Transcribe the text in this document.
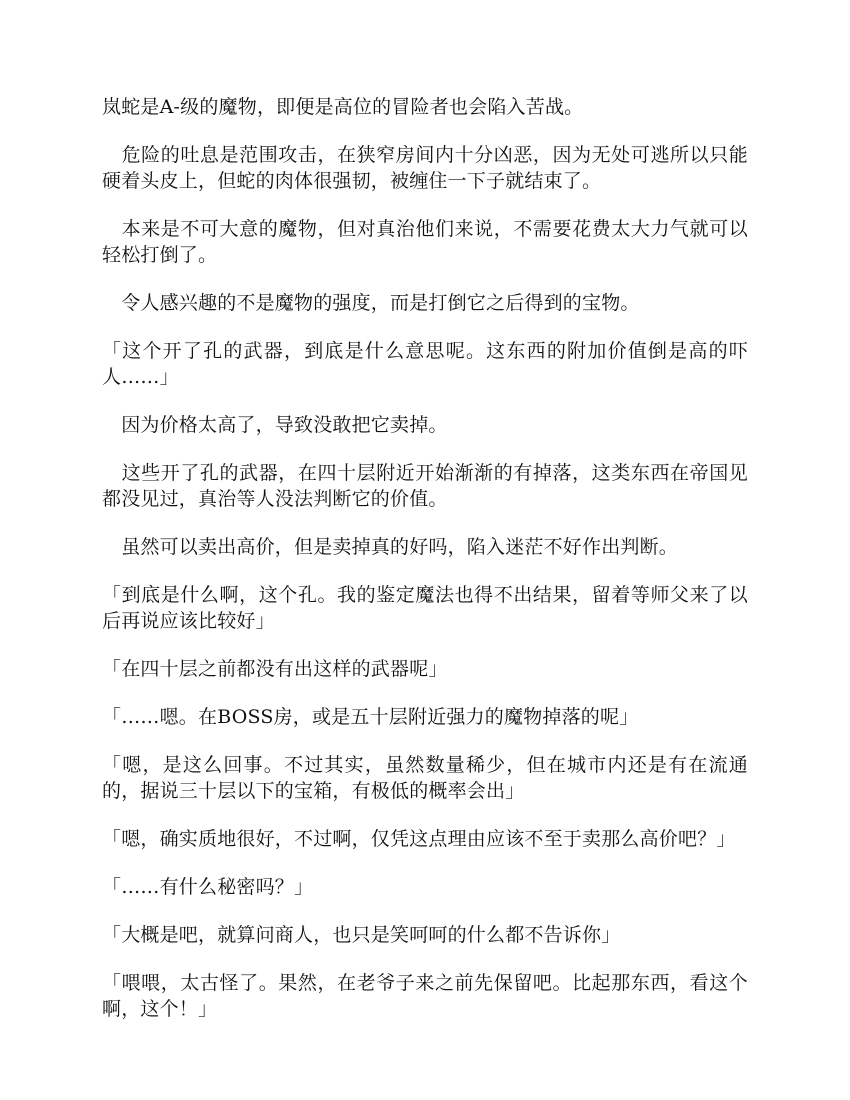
岚蛇是A-级的魔物，即便是高位的冒险者也会陷入苦战。

　危险的吐息是范围攻击，在狭窄房间内十分凶恶，因为无处可逃所以只能硬着头皮上，但蛇的肉体很强韧，被缠住一下子就结束了。

　本来是不可大意的魔物，但对真治他们来说，不需要花费太大力气就可以轻松打倒了。

　令人感兴趣的不是魔物的强度，而是打倒它之后得到的宝物。

「这个开了孔的武器，到底是什么意思呢。这东西的附加价值倒是高的吓人……」

　因为价格太高了，导致没敢把它卖掉。

　这些开了孔的武器，在四十层附近开始渐渐的有掉落，这类东西在帝国见都没见过，真治等人没法判断它的价值。

　虽然可以卖出高价，但是卖掉真的好吗，陷入迷茫不好作出判断。

「到底是什么啊，这个孔。我的鉴定魔法也得不出结果，留着等师父来了以后再说应该比较好」

「在四十层之前都没有出这样的武器呢」

「……嗯。在BOSS房，或是五十层附近强力的魔物掉落的呢」

「嗯，是这么回事。不过其实，虽然数量稀少，但在城市内还是有在流通的，据说三十层以下的宝箱，有极低的概率会出」

「嗯，确实质地很好，不过啊，仅凭这点理由应该不至于卖那么高价吧？」

「……有什么秘密吗？」

「大概是吧，就算问商人，也只是笑呵呵的什么都不告诉你」

「喂喂，太古怪了。果然，在老爷子来之前先保留吧。比起那东西，看这个啊，这个！」
